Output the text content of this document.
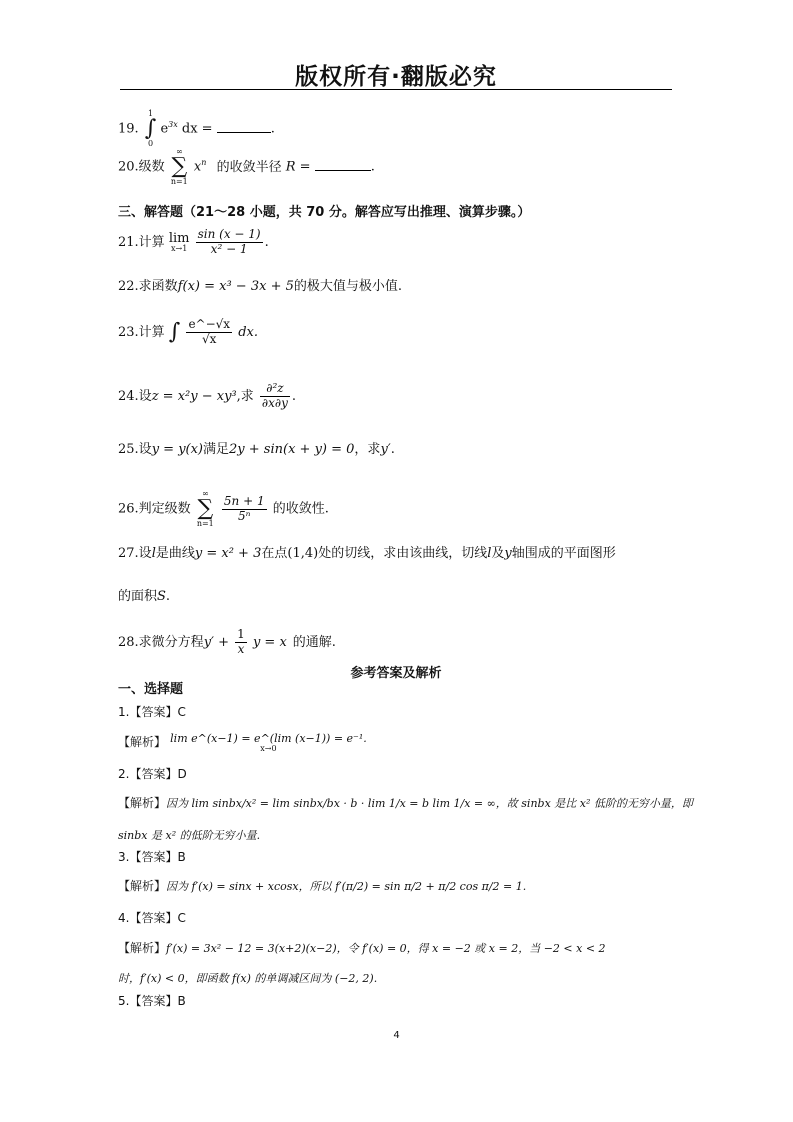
版权所有·翻版必究
19.
1
∫
0
$e^{3x}$ dx =	.
20.级数
∞
∑
n=1
$x^n$ 的收敛半径 R =	.
三、解答题（21～28 小题，共 70 分。解答应写出推理、演算步骤。）
21.计算 lim
x→1
$\frac{\sin (x - 1)}{\text{x² − 1}}$ .
22.求函数f(x) = x³ − 3x + 5的极大值与极小值.
23.计算 ∫ $\frac{e\^{}-√x}{√x}$ dx.
24.设z = x²y − xy³,求 $\frac{\text{∂²z}}{\partial x\partial y}$ .
25.设y = y(x)满足2y + sin(x + y) = 0，求y′.
26.判定级数
∞
∑
n=1

$\frac{5n + 1}{\text{5ⁿ}}$ 的收敛性.
27.设l是曲线y = x² + 3在点(1,4)处的切线，求由该曲线，切线l及y轴围成的平面图形
的面积S.
28.求微分方程$y' + \frac{1}{x}$ y = x 的通解.
参考答案及解析
一、选择题
1.【答案】C
【解析】 lim e^(x−1) = e^(lim (x−1)) = e⁻¹.
x→0
2.【答案】D
【解析】因为 lim sinbx/x² = lim sinbx/bx · b · lim 1/x = b lim 1/x = ∞，故 sinbx 是比 x² 低阶的无穷小量，即
sinbx 是 x² 的低阶无穷小量.
3.【答案】B
【解析】因为 f′(x) = sinx + xcosx，所以 f′(π/2) = sin π/2 + π/2 cos π/2 = 1.
4.【答案】C
【解析】f′(x) = 3x² − 12 = 3(x+2)(x−2)，令 f′(x) = 0，得 x = −2 或 x = 2，当 −2 < x < 2
时，f′(x) < 0，即函数 f(x) 的单调减区间为 (−2, 2).
5.【答案】B
4
